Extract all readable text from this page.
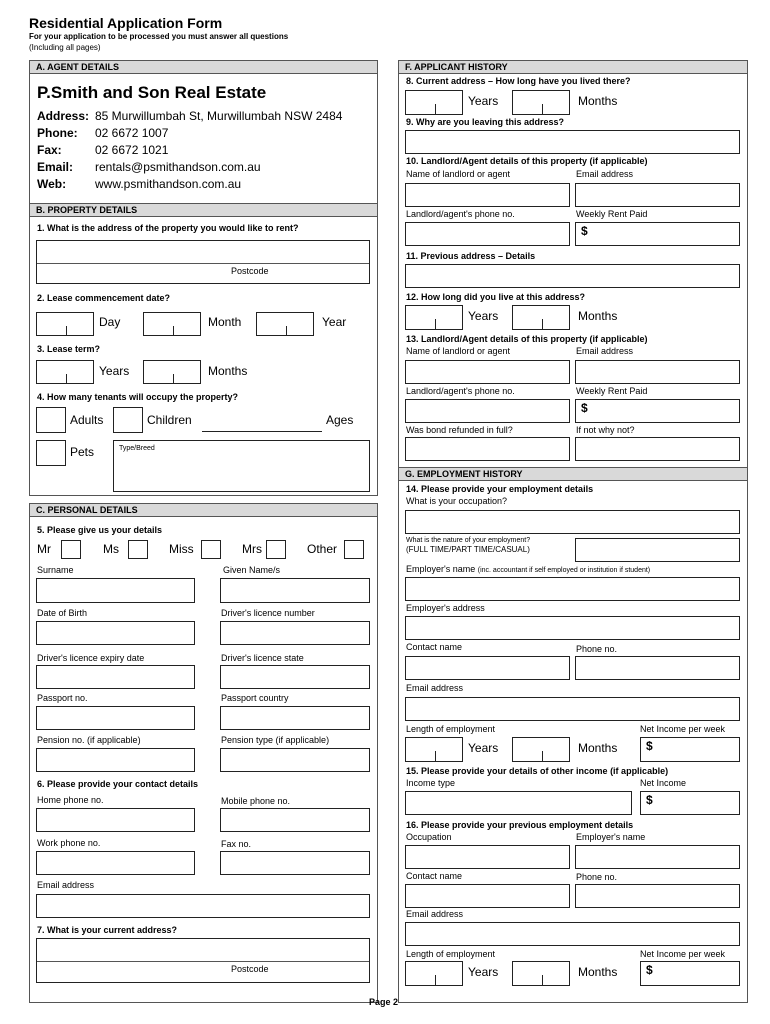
Residential Application Form
For your application to be processed you must answer all questions
(Including all pages)
A. AGENT DETAILS
P.Smith and Son Real Estate
Address: 85 Murwillumbah St, Murwillumbah NSW 2484
Phone: 02 6672 1007
Fax:	02 6672 1021
Email: rentals@psmithandson.com.au
Web: www.psmithandson.com.au
B. PROPERTY DETAILS
1. What is the address of the property you would like to rent?
Postcode
2. Lease commencement date?
Day	Month	Year
3. Lease term?
Years	Months
4. How many tenants will occupy the property?
Adults	Children	Ages
Pets	Type/Breed
C. PERSONAL DETAILS
5. Please give us your details
Mr	Ms	Miss	Mrs	Other
Surname	Given Name/s
Date of Birth	Driver's licence number
Driver's licence expiry date	Driver's licence state
Passport no.	Passport country
Pension no. (if applicable)	Pension type (if applicable)
6. Please provide your contact details
Home phone no.	Mobile phone no.
Work phone no.	Fax no.
Email address
7. What is your current address?
Postcode
F. APPLICANT HISTORY
8. Current address – How long have you lived there?
Years	Months
9. Why are you leaving this address?
10. Landlord/Agent details of this property (if applicable)
Name of landlord or agent	Email address
Landlord/agent's phone no.	Weekly Rent Paid
$
11. Previous address – Details
12. How long did you live at this address?
Years	Months
13. Landlord/Agent details of this property (if applicable)
Name of landlord or agent	Email address
Landlord/agent's phone no.	Weekly Rent Paid
$
Was bond refunded in full?	If not why not?
G. EMPLOYMENT HISTORY
14. Please provide your employment details
What is your occupation?
What is the nature of your employment?
(FULL TIME/PART TIME/CASUAL)
Employer's name (inc. accountant if self employed or institution if student)
Employer's address
Contact name	Phone no.
Email address
Length of employment	Net Income per week
Years	Months $
15. Please provide your details of other income (if applicable)
Income type	Net Income
$
16. Please provide your previous employment details
Occupation	Employer's name
Contact name	Phone no.
Email address
Length of employment	Net Income per week
Years	Months $
Page 2
